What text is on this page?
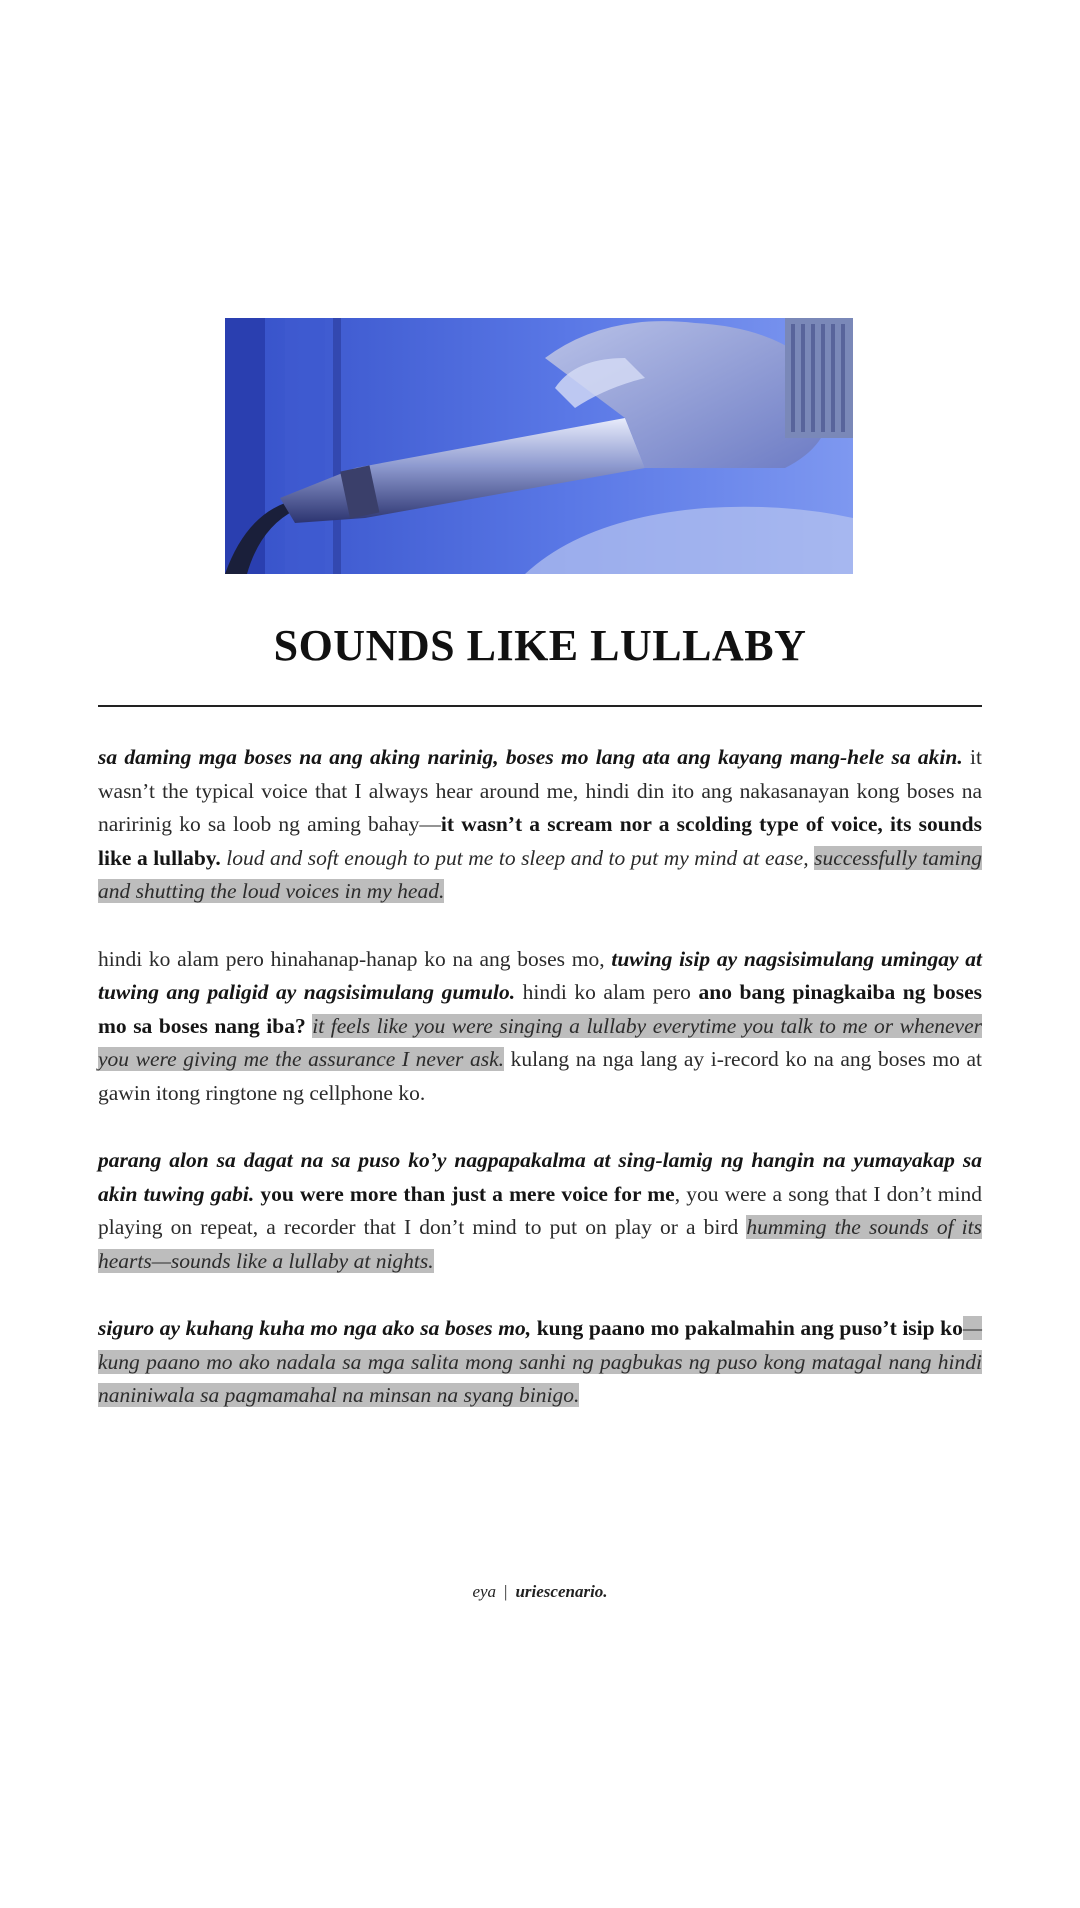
SOUNDS LIKE LULLABY

sa daming mga boses na ang aking narinig, boses mo lang ata ang kayang mang-hele sa akin. it wasn’t the typical voice that I always hear around me, hindi din ito ang nakasanayan kong boses na naririnig ko sa loob ng aming bahay—it wasn’t a scream nor a scolding type of voice, its sounds like a lullaby. loud and soft enough to put me to sleep and to put my mind at ease, successfully taming and shutting the loud voices in my head.

hindi ko alam pero hinahanap-hanap ko na ang boses mo, tuwing isip ay nagsisimulang umingay at tuwing ang paligid ay nagsisimulang gumulo. hindi ko alam pero ano bang pinagkaiba ng boses mo sa boses nang iba? it feels like you were singing a lullaby everytime you talk to me or whenever you were giving me the assurance I never ask. kulang na nga lang ay i-record ko na ang boses mo at gawin itong ringtone ng cellphone ko.

parang alon sa dagat na sa puso ko’y nagpapakalma at sing-lamig ng hangin na yumayakap sa akin tuwing gabi. you were more than just a mere voice for me, you were a song that I don’t mind playing on repeat, a recorder that I don’t mind to put on play or a bird humming the sounds of its hearts—sounds like a lullaby at nights.

siguro ay kuhang kuha mo nga ako sa boses mo, kung paano mo pakalmahin ang puso’t isip ko—kung paano mo ako nadala sa mga salita mong sanhi ng pagbukas ng puso kong matagal nang hindi naniniwala sa pagmamahal na minsan na syang binigo.

eya | uriescenario.
